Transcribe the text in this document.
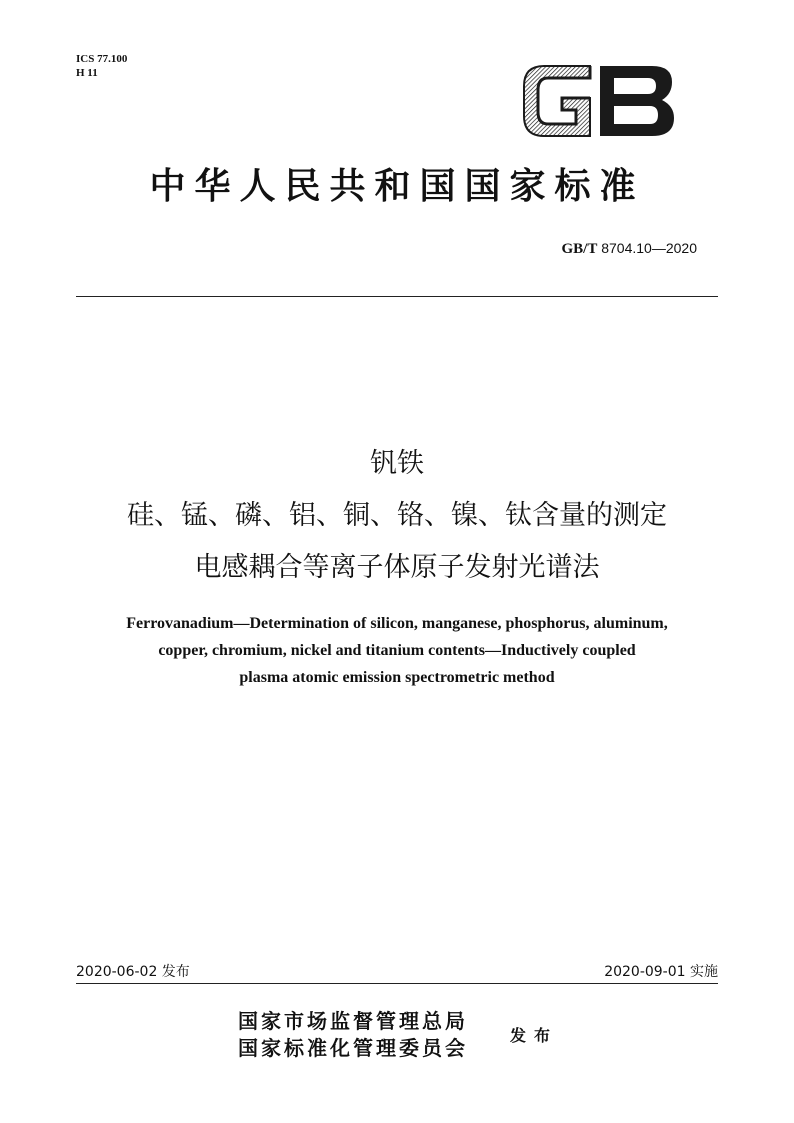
ICS 77.100
H 11
中华人民共和国国家标准
GB/T 8704.10—2020
钒铁
硅、锰、磷、铝、铜、铬、镍、钛含量的测定
电感耦合等离子体原子发射光谱法
Ferrovanadium—Determination of silicon, manganese, phosphorus, aluminum,
copper, chromium, nickel and titanium contents—Inductively coupled
plasma atomic emission spectrometric method
2020-06-02 发布	2020-09-01 实施
国家市场监督管理总局
国家标准化管理委员会
发布
